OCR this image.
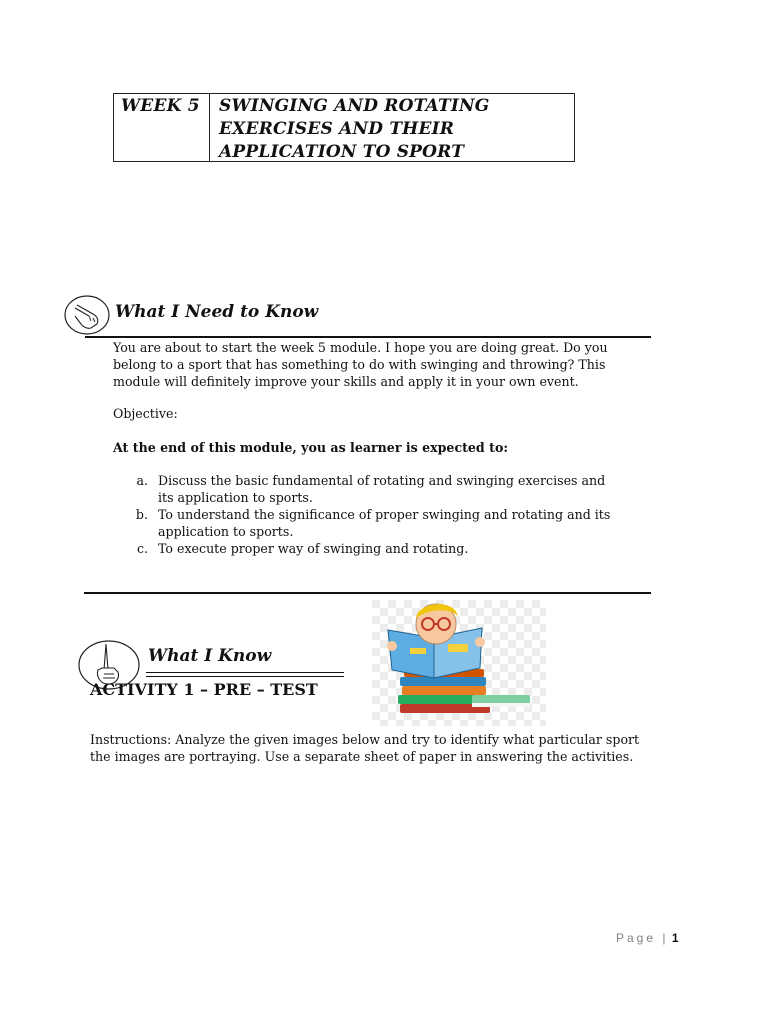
WEEK 5 SWINGING AND ROTATING
EXERCISES AND THEIR
APPLICATION TO SPORT
What I Need to Know
You are about to start the week 5 module. I hope you are doing great. Do you
belong to a sport that has something to do with swinging and throwing? This
module will definitely improve your skills and apply it in your own event.
Objective:
At the end of this module, you as learner is expected to:
a. Discuss the basic fundamental of rotating and swinging exercises and
its application to sports.
b. To understand the significance of proper swinging and rotating and its
application to sports.
c. To execute proper way of swinging and rotating.
What I Know
ACTIVITY 1 – PRE – TEST
Instructions: Analyze the given images below and try to identify what particular sport
the images are portraying. Use a separate sheet of paper in answering the activities.
Page | 1
